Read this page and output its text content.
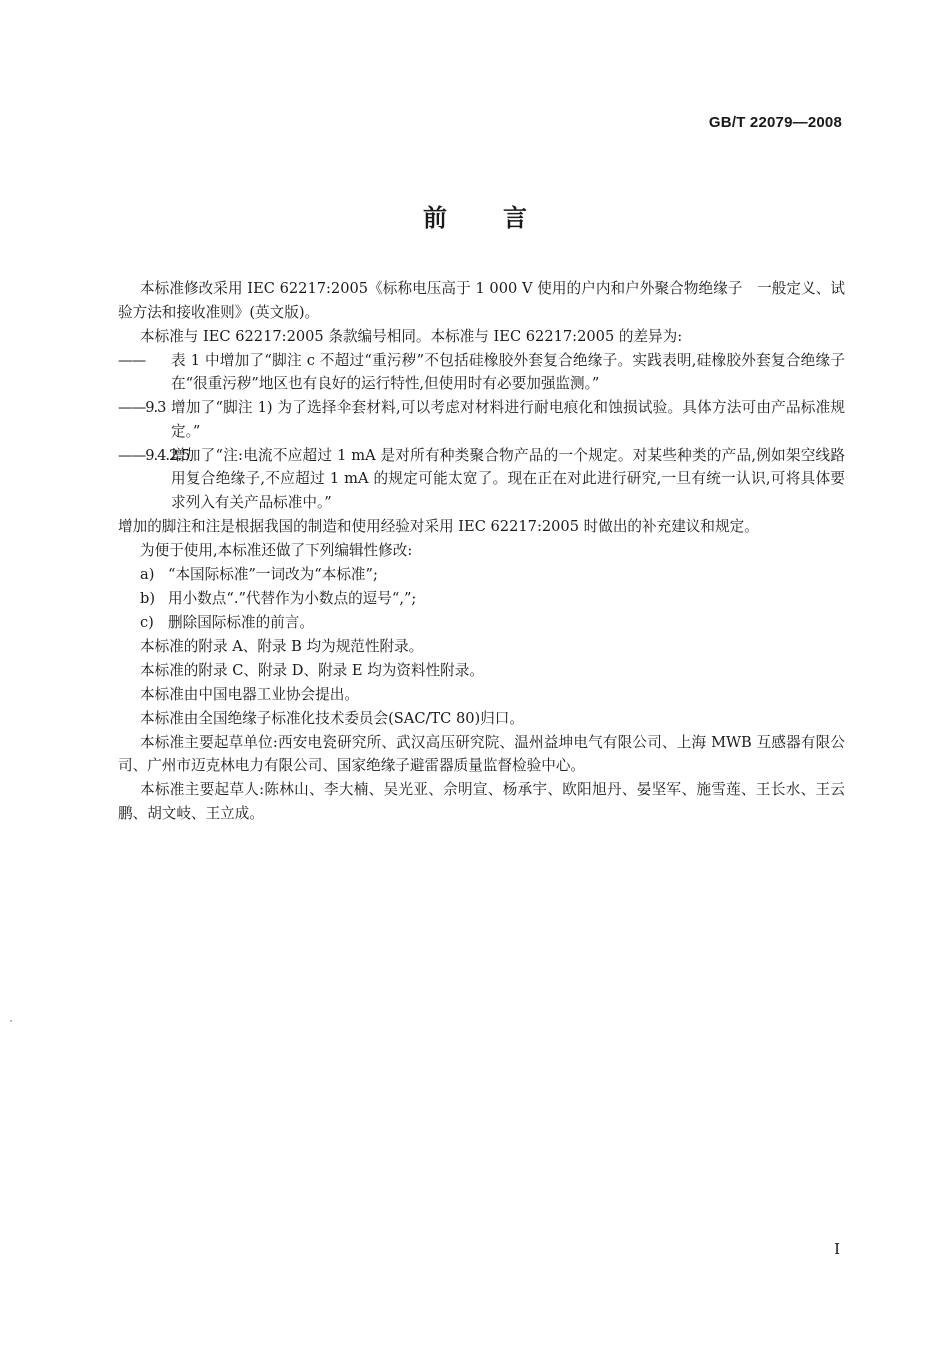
GB/T 22079—2008
前言

本标准修改采用 IEC 62217:2005《标称电压高于 1 000 V 使用的户内和户外聚合物绝缘子　一般定义、试验方法和接收准则》(英文版)。

本标准与 IEC 62217:2005 条款编号相同。本标准与 IEC 62217:2005 的差异为:

——	表 1 中增加了“脚注 c 不超过“重污秽”不包括硅橡胶外套复合绝缘子。实践表明,硅橡胶外套复合绝缘子在“很重污秽”地区也有良好的运行特性,但使用时有必要加强监测。”
——9.3 增加了“脚注 1) 为了选择伞套材料,可以考虑对材料进行耐电痕化和蚀损试验。具体方法可由产品标准规定。”
——9.4.2.5
增加了“注:电流不应超过 1 mA 是对所有种类聚合物产品的一个规定。对某些种类的产品,例如架空线路用复合绝缘子,不应超过 1 mA 的规定可能太宽了。现在正在对此进行研究,一旦有统一认识,可将具体要求列入有关产品标准中。”

增加的脚注和注是根据我国的制造和使用经验对采用 IEC 62217:2005 时做出的补充建议和规定。

为便于使用,本标准还做了下列编辑性修改:

a) “本国际标准”一词改为“本标准”;
b) 用小数点“.”代替作为小数点的逗号“,”;
c) 删除国际标准的前言。

本标准的附录 A、附录 B 均为规范性附录。

本标准的附录 C、附录 D、附录 E 均为资料性附录。

本标准由中国电器工业协会提出。

本标准由全国绝缘子标准化技术委员会(SAC/TC 80)归口。

本标准主要起草单位:西安电瓷研究所、武汉高压研究院、温州益坤电气有限公司、上海 MWB 互感器有限公司、广州市迈克林电力有限公司、国家绝缘子避雷器质量监督检验中心。

本标准主要起草人:陈林山、李大楠、吴光亚、佘明宣、杨承宇、欧阳旭丹、晏坚军、施雪莲、王长水、王云鹏、胡文岐、王立成。

I
